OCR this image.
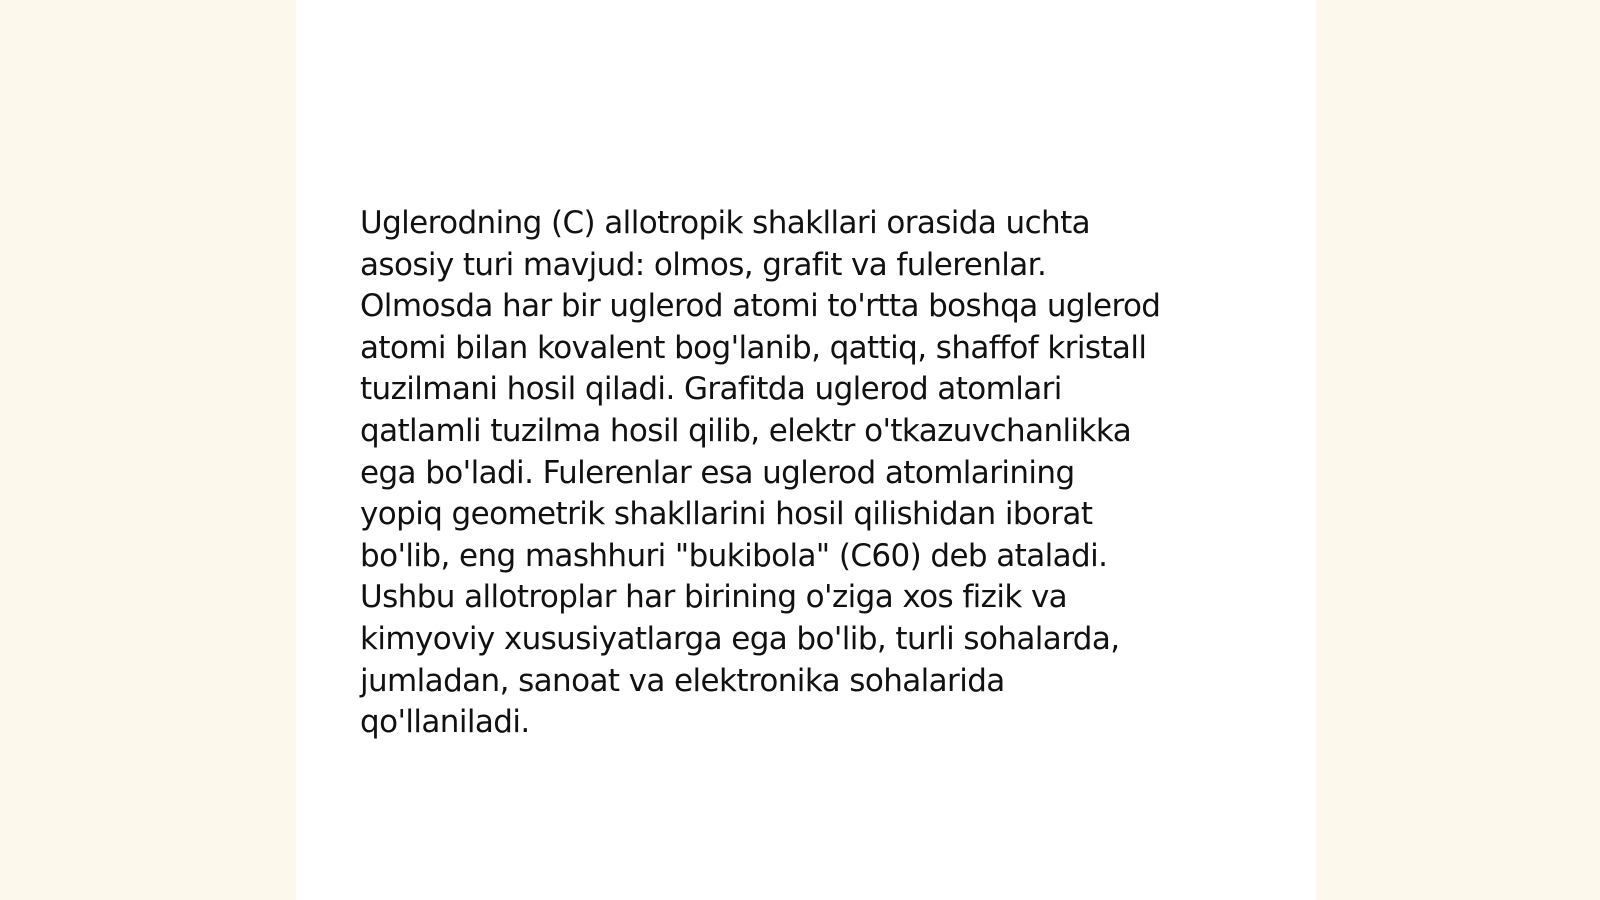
Uglerodning (C) allotropik shakllari orasida uchta
asosiy turi mavjud: olmos, grafit va fulerenlar.
Olmosda har bir uglerod atomi to'rtta boshqa uglerod
atomi bilan kovalent bog'lanib, qattiq, shaffof kristall
tuzilmani hosil qiladi. Grafitda uglerod atomlari
qatlamli tuzilma hosil qilib, elektr o'tkazuvchanlikka
ega bo'ladi. Fulerenlar esa uglerod atomlarining
yopiq geometrik shakllarini hosil qilishidan iborat
bo'lib, eng mashhuri "bukibola" (C60) deb ataladi.
Ushbu allotroplar har birining o'ziga xos fizik va
kimyoviy xususiyatlarga ega bo'lib, turli sohalarda,
jumladan, sanoat va elektronika sohalarida
qo'llaniladi.
